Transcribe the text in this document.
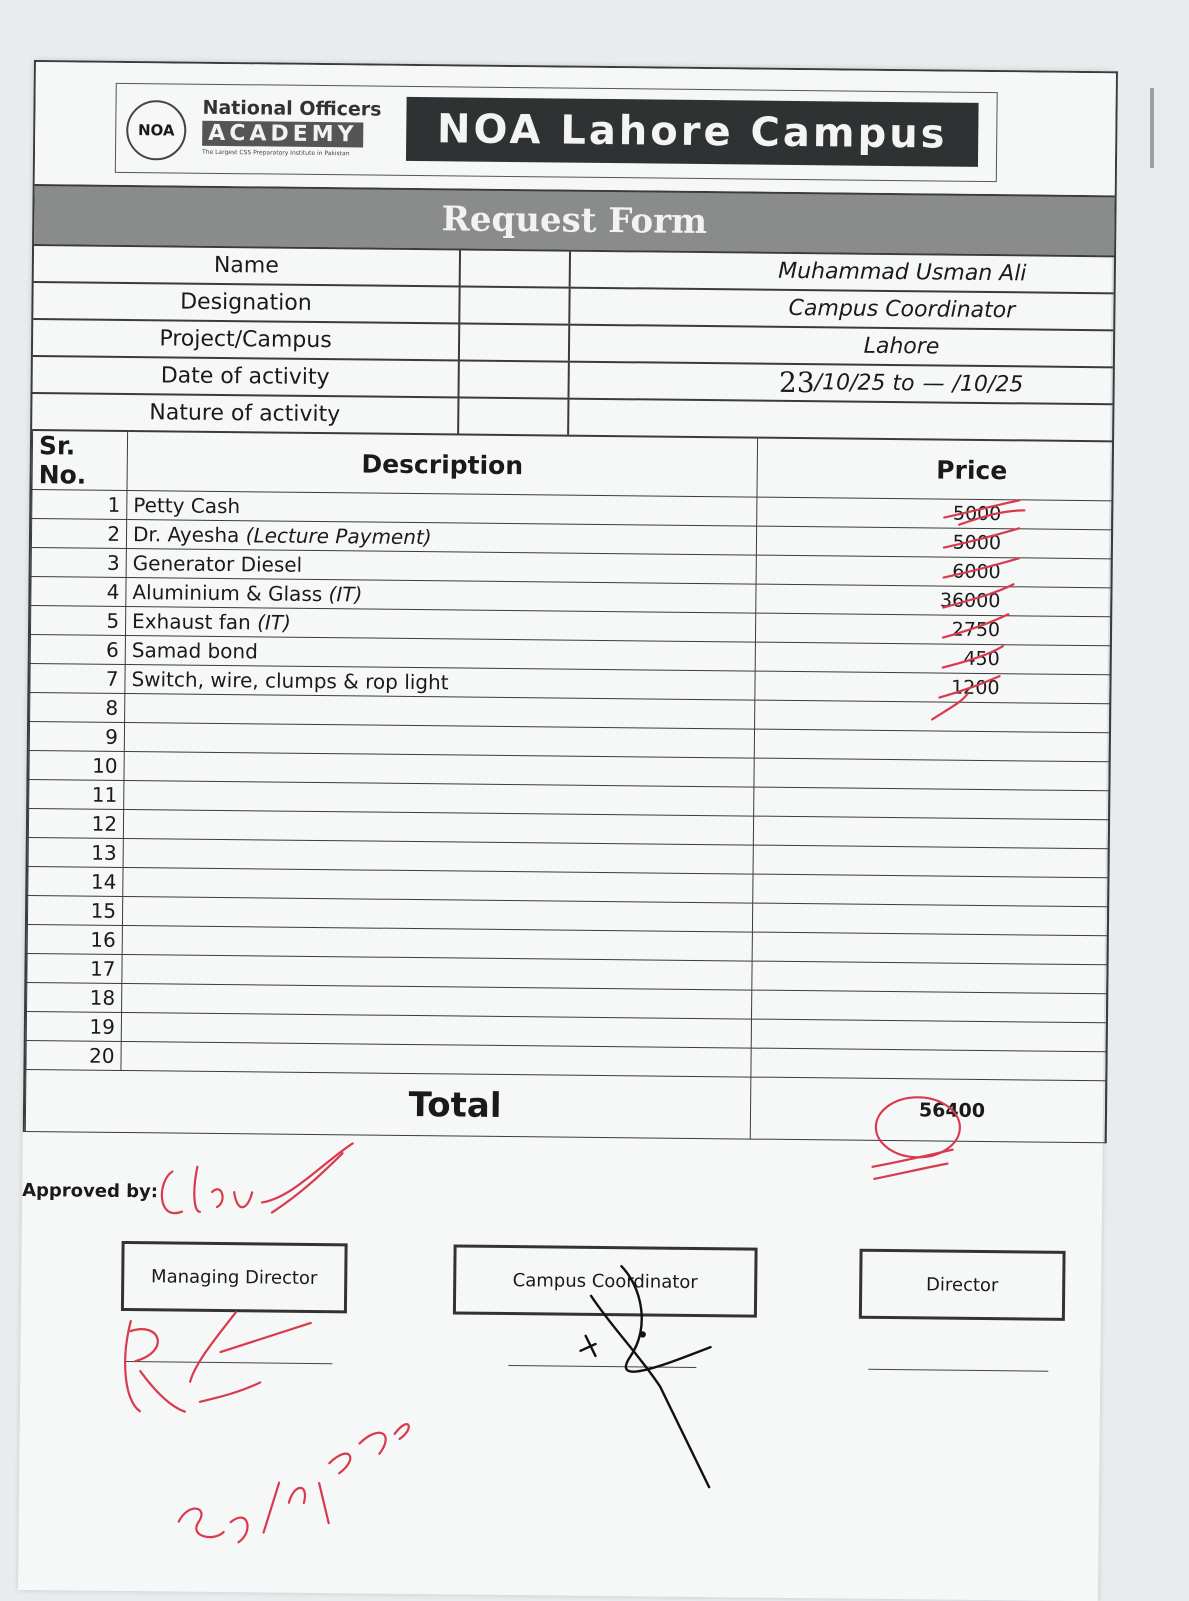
NOA
National Officers
ACADEMY
The Largest CSS Preparatory Institute in Pakistan	NOA Lahore Campus
Request Form
Name	Muhammad Usman Ali
Designation	Campus Coordinator
Project/Campus	Lahore
Date of activity	23 /10/25 to — /10/25
Nature of activity
Sr. No.	Description	Price
1	Petty Cash	5000
2	Dr. Ayesha (Lecture Payment)	5000
3	Generator Diesel	6000
4	Aluminium & Glass (IT)	36000
5	Exhaust fan (IT)	2750
6	Samad bond	450
7	Switch, wire, clumps & rop light	1200
8		
9		
10		
11		
12		
13		
14		
15		
16		
17		
18		
19		
20		
Total		56400
Approved by:
Managing Director	Campus Coordinator	Director
